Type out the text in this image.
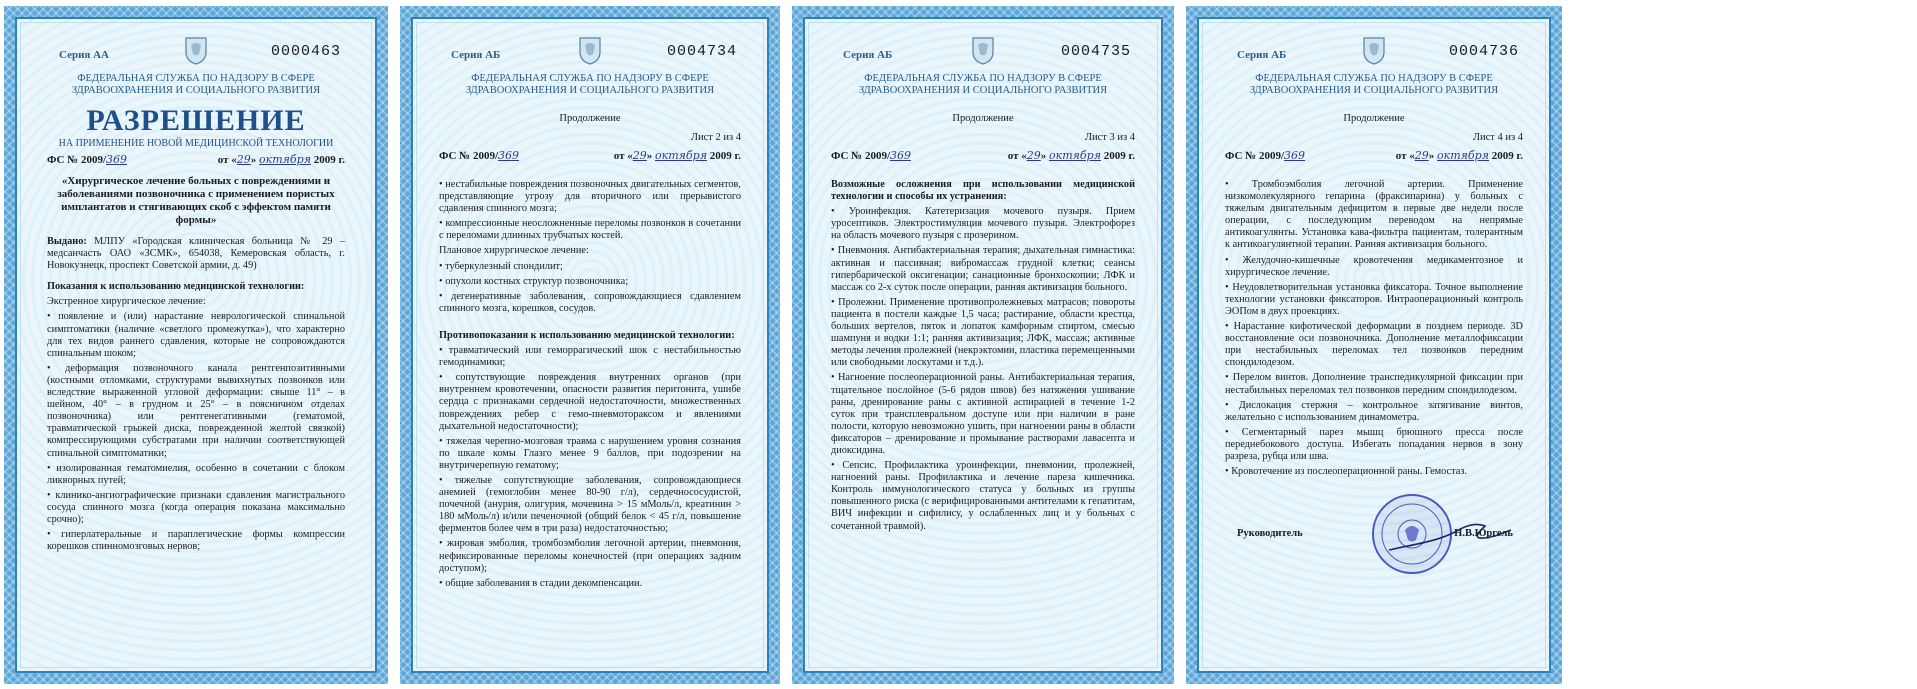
Серия АА	0000463
ФЕДЕРАЛЬНАЯ СЛУЖБА ПО НАДЗОРУ В СФЕРЕ
ЗДРАВООХРАНЕНИЯ И СОЦИАЛЬНОГО РАЗВИТИЯ
РАЗРЕШЕНИЕ
НА ПРИМЕНЕНИЕ НОВОЙ МЕДИЦИНСКОЙ ТЕХНОЛОГИИ
ФС № 2009/369	от «29» октября 2009 г.

«Хирургическое лечение больных с повреждениями и заболеваниями позвоночника с применением пористых имплантатов и стягивающих скоб с эффектом памяти формы»

Выдано: МЛПУ «Городская клиническая больница № 29 – медсанчасть ОАО «ЗСМК», 654038, Кемеровская область, г. Новокузнецк, проспект Советской армии, д. 49)

Показания к использованию медицинской технологии:

Экстренное хирургическое лечение:

• появление и (или) нарастание неврологической спинальной симптоматики (наличие «светлого промежутка»), что характерно для тех видов раннего сдавления, которые не сопровождаются спинальным шоком;

• деформация позвоночного канала рентгенпозитивными (костными отломками, структурами вывихнутых позвонков или вследствие выраженной угловой деформации: свыше 11° – в шейном, 40° – в грудном и 25° – в поясничном отделах позвоночника) или рентгенегативными (гематомой, травматической грыжей диска, поврежденной желтой связкой) компрессирующими субстратами при наличии соответствующей спинальной симптоматики;

• изолированная гематомиелия, особенно в сочетании с блоком ликворных путей;

• клинико-ангиографические признаки сдавления магистрального сосуда спинного мозга (когда операция показана максимально срочно);

• гиперлатеральные и параплегические формы компрессии корешков спинномозговых нервов;

Серия АБ	0004734
ФЕДЕРАЛЬНАЯ СЛУЖБА ПО НАДЗОРУ В СФЕРЕ
ЗДРАВООХРАНЕНИЯ И СОЦИАЛЬНОГО РАЗВИТИЯ
Продолжение
Лист 2 из 4
ФС № 2009/369	от «29» октября 2009 г.

• нестабильные повреждения позвоночных двигательных сегментов, представляющие угрозу для вторичного или прерывистого сдавления спинного мозга;

• компрессионные неосложненные переломы позвонков в сочетании с переломами длинных трубчатых костей.

Плановое хирургическое лечение:

• туберкулезный спондилит;

• опухоли костных структур позвоночника;

• дегенеративные заболевания, сопровождающиеся сдавлением спинного мозга, корешков, сосудов.

Противопоказания к использованию медицинской технологии:

• травматический или геморрагический шок с нестабильностью гемодинамики;

• сопутствующие повреждения внутренних органов (при внутреннем кровотечении, опасности развития перитонита, ушибе сердца с признаками сердечной недостаточности, множественных повреждениях ребер с гемо-пневмотораксом и явлениями дыхательной недостаточности);

• тяжелая черепно-мозговая травма с нарушением уровня сознания по шкале комы Глазго менее 9 баллов, при подозрении на внутричерепную гематому;

• тяжелые сопутствующие заболевания, сопровождающиеся анемией (гемоглобин менее 80-90 г/л), сердечнососудистой, почечной (анурия, олигурия, мочевина > 15 мМоль/л, креатинин > 180 мМоль/л) и/или печеночной (общий белок < 45 г/л, повышение ферментов более чем в три раза) недостаточностью;

• жировая эмболия, тромбоэмболия легочной артерии, пневмония, нефиксированные переломы конечностей (при операциях задним доступом);

• общие заболевания в стадии декомпенсации.

Серия АБ	0004735
ФЕДЕРАЛЬНАЯ СЛУЖБА ПО НАДЗОРУ В СФЕРЕ
ЗДРАВООХРАНЕНИЯ И СОЦИАЛЬНОГО РАЗВИТИЯ
Продолжение
Лист 3 из 4
ФС № 2009/369	от «29» октября 2009 г.

Возможные осложнения при использовании медицинской технологии и способы их устранения:

• Уроинфекция. Катетеризация мочевого пузыря. Прием уросептиков. Электростимуляция мочевого пузыря. Электрофорез на область мочевого пузыря с прозерином.

• Пневмония. Антибактериальная терапия; дыхательная гимнастика: активная и пассивная; вибромассаж грудной клетки; сеансы гипербарической оксигенации; санационные бронхоскопии; ЛФК и массаж со 2-х суток после операции, ранняя активизация больного.

• Пролежни. Применение противопролежневых матрасов; повороты пациента в постели каждые 1,5 часа; растирание, области крестца, больших вертелов, пяток и лопаток камфорным спиртом, смесью шампуня и водки 1:1; ранняя активизация; ЛФК, массаж; активные методы лечения пролежней (некрэктомии, пластика перемещенными или свободными лоскутами и т.д.).

• Нагноение послеоперационной раны. Антибактериальная терапия, тщательное послойное (5-6 рядов швов) без натяжения ушивание раны, дренирование раны с активной аспирацией в течение 1-2 суток при трансплевральном доступе или при наличии в ране полости, которую невозможно ушить, при нагноении раны в области фиксаторов – дренирование и промывание растворами лавасепта и диоксидина.

• Сепсис. Профилактика уроинфекции, пневмонии, пролежней, нагноений раны. Профилактика и лечение пареза кишечника. Контроль иммунологического статуса у больных из группы повышенного риска (с верифицированными антителами к гепатитам, ВИЧ инфекции и сифилису, у ослабленных лиц и у больных с сочетанной травмой).

Серия АБ	0004736
ФЕДЕРАЛЬНАЯ СЛУЖБА ПО НАДЗОРУ В СФЕРЕ
ЗДРАВООХРАНЕНИЯ И СОЦИАЛЬНОГО РАЗВИТИЯ
Продолжение
Лист 4 из 4
ФС № 2009/369	от «29» октября 2009 г.

• Тромбоэмболия легочной артерии. Применение низкомолекулярного гепарина (фраксипарина) у больных с тяжелым двигательным дефицитом в первые две недели после операции, с последующим переводом на непрямые антикоагулянты. Установка кава-фильтра пациентам, толерантным к антикоагулянтной терапии. Ранняя активизация больного.

• Желудочно-кишечные кровотечения медикаментозное и хирургическое лечение.

• Неудовлетворительная установка фиксатора. Точное выполнение технологии установки фиксаторов. Интраоперационный контроль ЭОПом в двух проекциях.

• Нарастание кифотической деформации в позднем периоде. 3D восстановление оси позвоночника. Дополнение металлофиксации при нестабильных переломах тел позвонков передним спондилодезом.

• Перелом винтов. Дополнение транспедикулярной фиксации при нестабильных переломах тел позвонков передним спондилодезом.

• Дислокация стержня – контрольное затягивание винтов, желательно с использованием динамометра.

• Сегментарный парез мышц брюшного пресса после переднебокового доступа. Избегать попадания нервов в зону разреза, рубца или шва.

• Кровотечение из послеоперационной раны. Гемостаз.

Руководитель	Н.В.Юргель
